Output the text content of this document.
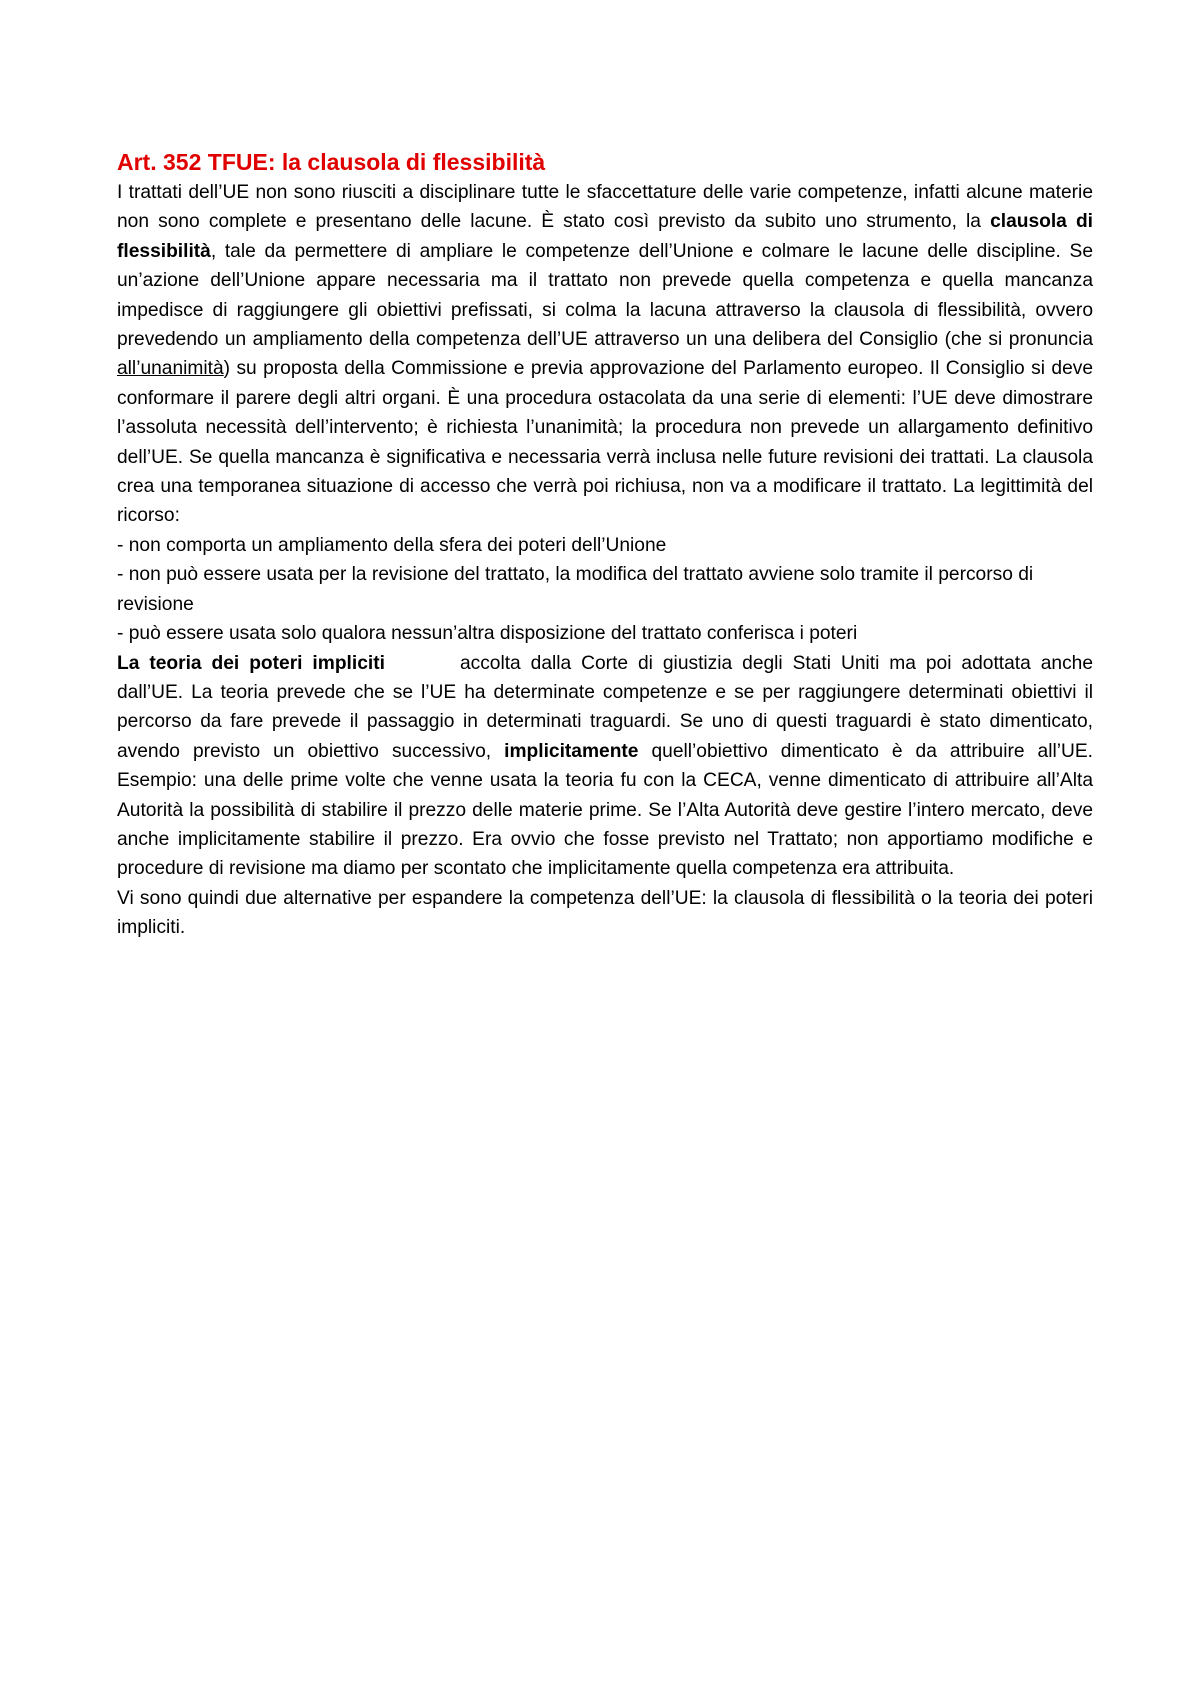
Art. 352 TFUE: la clausola di flessibilità

I trattati dell’UE non sono riusciti a disciplinare tutte le sfaccettature delle varie competenze, infatti alcune materie non sono complete e presentano delle lacune. È stato così previsto da subito uno strumento, la clausola di flessibilità, tale da permettere di ampliare le competenze dell’Unione e colmare le lacune delle discipline. Se un’azione dell’Unione appare necessaria ma il trattato non prevede quella competenza e quella mancanza impedisce di raggiungere gli obiettivi prefissati, si colma la lacuna attraverso la clausola di flessibilità, ovvero prevedendo un ampliamento della competenza dell’UE attraverso un una delibera del Consiglio (che si pronuncia all’unanimità) su proposta della Commissione e previa approvazione del Parlamento europeo. Il Consiglio si deve conformare il parere degli altri organi. È una procedura ostacolata da una serie di elementi: l’UE deve dimostrare l’assoluta necessità dell’intervento; è richiesta l’unanimità; la procedura non prevede un allargamento definitivo dell’UE. Se quella mancanza è significativa e necessaria verrà inclusa nelle future revisioni dei trattati. La clausola crea una temporanea situazione di accesso che verrà poi richiusa, non va a modificare il trattato. La legittimità del ricorso:

- non comporta un ampliamento della sfera dei poteri dell’Unione

- non può essere usata per la revisione del trattato, la modifica del trattato avviene solo tramite il percorso di revisione

- può essere usata solo qualora nessun’altra disposizione del trattato conferisca i poteri

La teoria dei poteri impliciti	accolta dalla Corte di giustizia degli Stati Uniti ma poi adottata anche dall’UE. La teoria prevede che se l’UE ha determinate competenze e se per raggiungere determinati obiettivi il percorso da fare prevede il passaggio in determinati traguardi. Se uno di questi traguardi è stato dimenticato, avendo previsto un obiettivo successivo, implicitamente quell’obiettivo dimenticato è da attribuire all’UE. Esempio: una delle prime volte che venne usata la teoria fu con la CECA, venne dimenticato di attribuire all’Alta Autorità la possibilità di stabilire il prezzo delle materie prime. Se l’Alta Autorità deve gestire l’intero mercato, deve anche implicitamente stabilire il prezzo. Era ovvio che fosse previsto nel Trattato; non apportiamo modifiche e procedure di revisione ma diamo per scontato che implicitamente quella competenza era attribuita.

Vi sono quindi due alternative per espandere la competenza dell’UE: la clausola di flessibilità o la teoria dei poteri impliciti.
